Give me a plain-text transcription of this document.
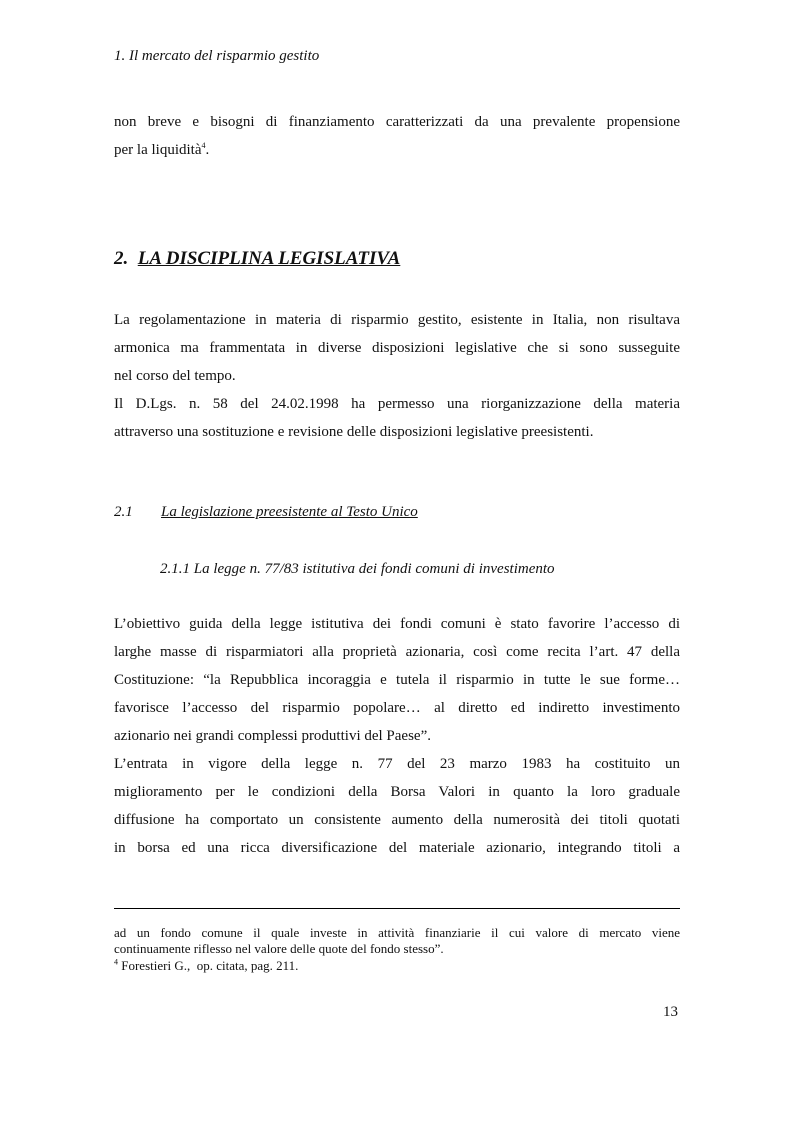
1. Il mercato del risparmio gestito
non breve e bisogni di finanziamento caratterizzati da una prevalente propensione
per la liquidità$^4$.
2. LA DISCIPLINA LEGISLATIVA
La regolamentazione in materia di risparmio gestito, esistente in Italia, non risultava
armonica ma frammentata in diverse disposizioni legislative che si sono susseguite
nel corso del tempo.
Il D.Lgs. n. 58 del 24.02.1998 ha permesso una riorganizzazione della materia
attraverso una sostituzione e revisione delle disposizioni legislative preesistenti.
2.1 La legislazione preesistente al Testo Unico
2.1.1 La legge n. 77/83 istitutiva dei fondi comuni di investimento
L’obiettivo guida della legge istitutiva dei fondi comuni è stato favorire l’accesso di
larghe masse di risparmiatori alla proprietà azionaria, così come recita l’art. 47 della
Costituzione: “la Repubblica incoraggia e tutela il risparmio in tutte le sue forme…
favorisce l’accesso del risparmio popolare… al diretto ed indiretto investimento
azionario nei grandi complessi produttivi del Paese”.
L’entrata in vigore della legge n. 77 del 23 marzo 1983 ha costituito un
miglioramento per le condizioni della Borsa Valori in quanto la loro graduale
diffusione ha comportato un consistente aumento della numerosità dei titoli quotati
in borsa ed una ricca diversificazione del materiale azionario, integrando titoli a
ad un fondo comune il quale investe in attività finanziarie il cui valore di mercato viene
continuamente riflesso nel valore delle quote del fondo stesso”.
$^4$ Forestieri G.,  op. citata, pag. 211.
13
